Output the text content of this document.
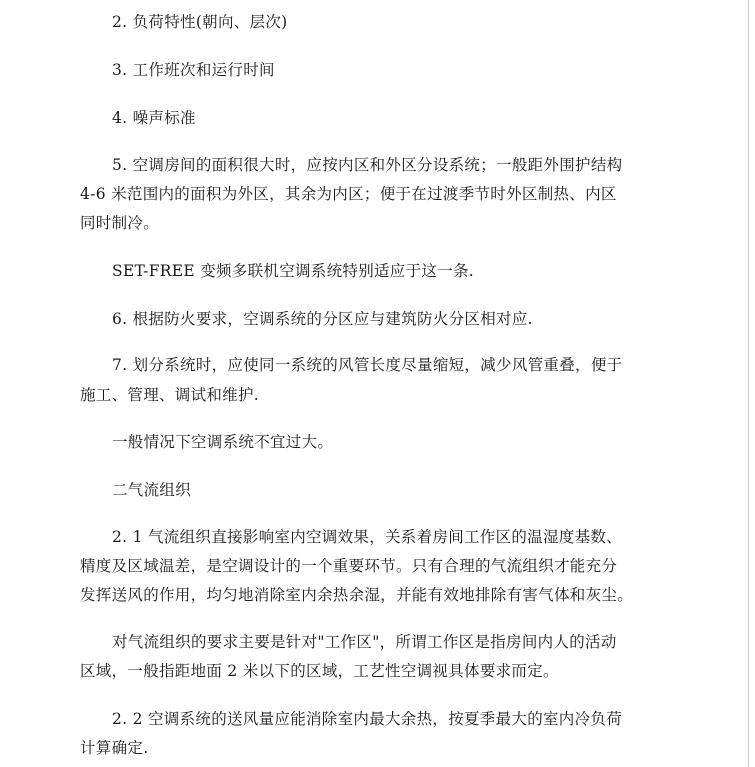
2. 负荷特性(朝向、层次)
3. 工作班次和运行时间
4. 噪声标准
5. 空调房间的面积很大时，应按内区和外区分设系统；一般距外围护结构
4-6 米范围内的面积为外区，其余为内区；便于在过渡季节时外区制热、内区
同时制冷。
SET-FREE 变频多联机空调系统特别适应于这一条.
6. 根据防火要求，空调系统的分区应与建筑防火分区相对应.
7. 划分系统时，应使同一系统的风管长度尽量缩短，减少风管重叠，便于
施工、管理、调试和维护.
一般情况下空调系统不宜过大。
二气流组织
2. 1 气流组织直接影响室内空调效果，关系着房间工作区的温湿度基数、
精度及区域温差，是空调设计的一个重要环节。只有合理的气流组织才能充分
发挥送风的作用，均匀地消除室内余热余湿，并能有效地排除有害气体和灰尘。
对气流组织的要求主要是针对"工作区"，所谓工作区是指房间内人的活动
区域，一般指距地面 2 米以下的区域，工艺性空调视具体要求而定。
2. 2 空调系统的送风量应能消除室内最大余热，按夏季最大的室内冷负荷
计算确定.
